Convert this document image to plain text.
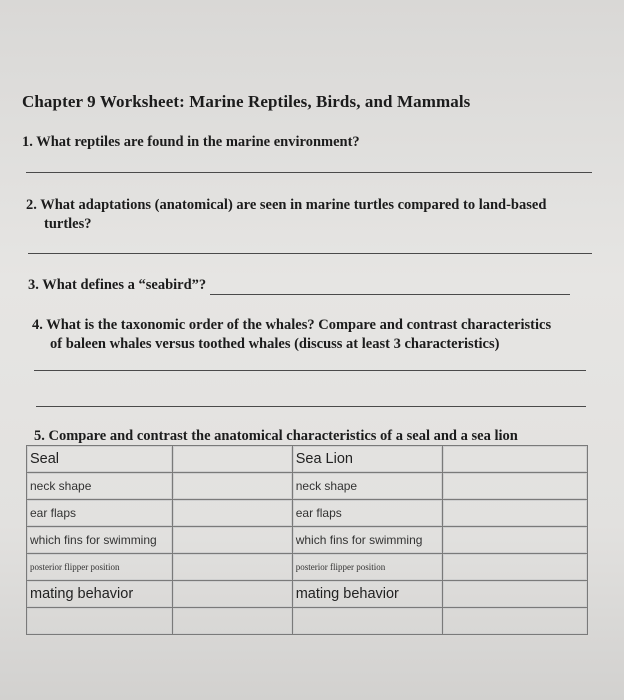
Chapter 9 Worksheet: Marine Reptiles, Birds, and Mammals
1. What reptiles are found in the marine environment?
2. What adaptations (anatomical) are seen in marine turtles compared to land-based
turtles?
3. What defines a “seabird”?
4. What is the taxonomic order of the whales? Compare and contrast characteristics
of baleen whales versus toothed whales (discuss at least 3 characteristics)
5. Compare and contrast the anatomical characteristics of a seal and a sea lion
Seal		Sea Lion	
neck shape		neck shape	
ear flaps		ear flaps	
which fins for swimming		which fins for swimming	
posterior flipper position		posterior flipper position	
mating behavior		mating behavior	
